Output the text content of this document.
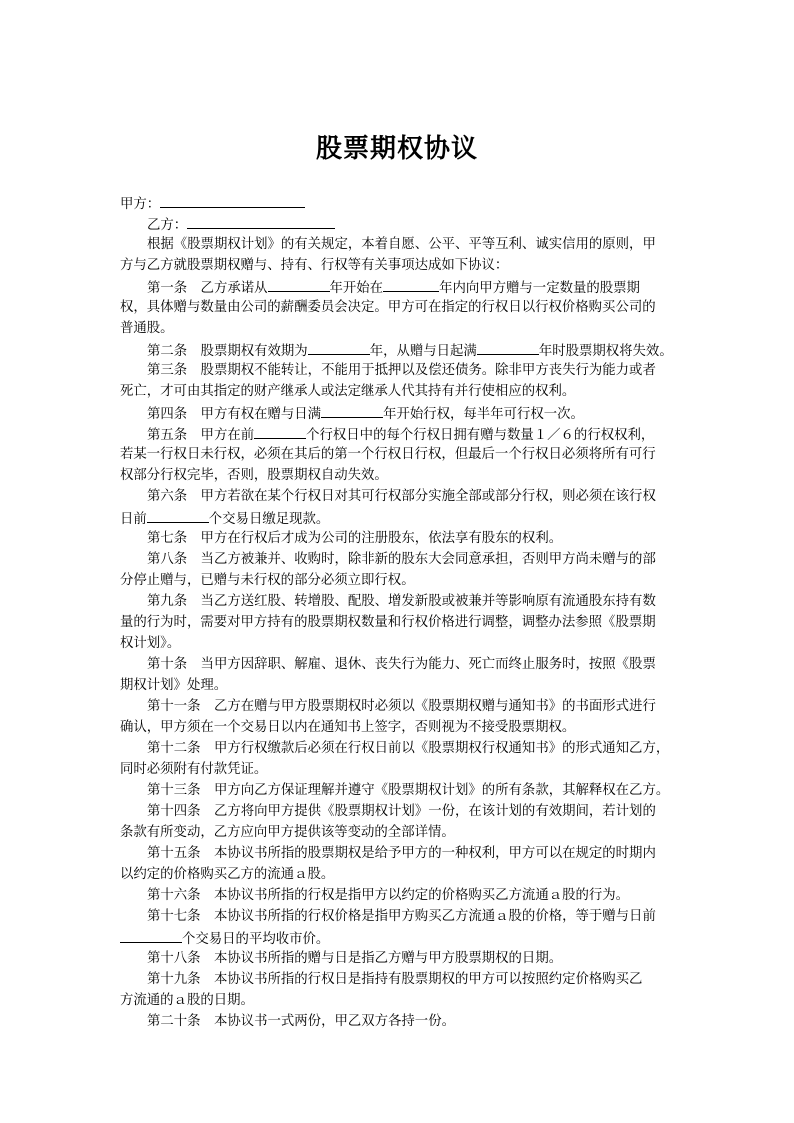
股票期权协议
甲方：
乙方：
根据《股票期权计划》的有关规定，本着自愿、公平、平等互利、诚实信用的原则，甲
方与乙方就股票期权赠与、持有、行权等有关事项达成如下协议：
第一条　乙方承诺从	年开始在	年内向甲方赠与一定数量的股票期
权，具体赠与数量由公司的薪酬委员会决定。甲方可在指定的行权日以行权价格购买公司的
普通股。
第二条　股票期权有效期为	年，从赠与日起满	年时股票期权将失效。
第三条　股票期权不能转让，不能用于抵押以及偿还债务。除非甲方丧失行为能力或者
死亡，才可由其指定的财产继承人或法定继承人代其持有并行使相应的权利。
第四条　甲方有权在赠与日满	年开始行权，每半年可行权一次。
第五条　甲方在前	个行权日中的每个行权日拥有赠与数量１／６的行权权利，
若某一行权日未行权，必须在其后的第一个行权日行权，但最后一个行权日必须将所有可行
权部分行权完毕，否则，股票期权自动失效。
第六条　甲方若欲在某个行权日对其可行权部分实施全部或部分行权，则必须在该行权
日前	个交易日缴足现款。
第七条　甲方在行权后才成为公司的注册股东，依法享有股东的权利。
第八条　当乙方被兼并、收购时，除非新的股东大会同意承担，否则甲方尚未赠与的部
分停止赠与，已赠与未行权的部分必须立即行权。
第九条　当乙方送红股、转增股、配股、增发新股或被兼并等影响原有流通股东持有数
量的行为时，需要对甲方持有的股票期权数量和行权价格进行调整，调整办法参照《股票期
权计划》。
第十条　当甲方因辞职、解雇、退休、丧失行为能力、死亡而终止服务时，按照《股票
期权计划》处理。
第十一条　乙方在赠与甲方股票期权时必须以《股票期权赠与通知书》的书面形式进行
确认，甲方须在一个交易日以内在通知书上签字，否则视为不接受股票期权。
第十二条　甲方行权缴款后必须在行权日前以《股票期权行权通知书》的形式通知乙方，
同时必须附有付款凭证。
第十三条　甲方向乙方保证理解并遵守《股票期权计划》的所有条款，其解释权在乙方。
第十四条　乙方将向甲方提供《股票期权计划》一份，在该计划的有效期间，若计划的
条款有所变动，乙方应向甲方提供该等变动的全部详情。
第十五条　本协议书所指的股票期权是给予甲方的一种权利，甲方可以在规定的时期内
以约定的价格购买乙方的流通ａ股。
第十六条　本协议书所指的行权是指甲方以约定的价格购买乙方流通ａ股的行为。
第十七条　本协议书所指的行权价格是指甲方购买乙方流通ａ股的价格，等于赠与日前
个交易日的平均收市价。
第十八条　本协议书所指的赠与日是指乙方赠与甲方股票期权的日期。
第十九条　本协议书所指的行权日是指持有股票期权的甲方可以按照约定价格购买乙
方流通的ａ股的日期。
第二十条　本协议书一式两份，甲乙双方各持一份。
